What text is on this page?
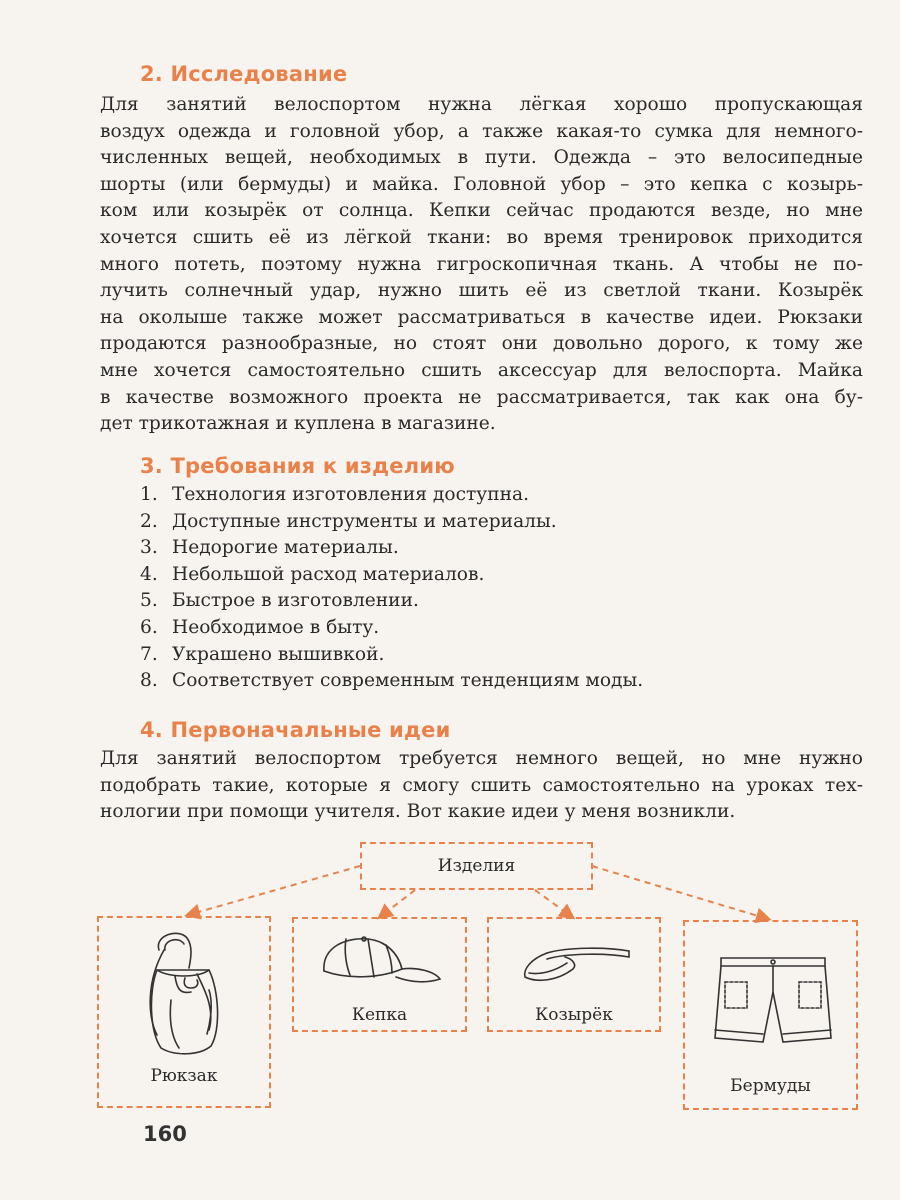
2. Исследование
Для занятий велоспортом нужна лёгкая хорошо пропускающая
воздух одежда и головной убор, а также какая-то сумка для немного-
численных вещей, необходимых в пути. Одежда – это велосипедные
шорты (или бермуды) и майка. Головной убор – это кепка с козырь-
ком или козырёк от солнца. Кепки сейчас продаются везде, но мне
хочется сшить её из лёгкой ткани: во время тренировок приходится
много потеть, поэтому нужна гигроскопичная ткань. А чтобы не по-
лучить солнечный удар, нужно шить её из светлой ткани. Козырёк
на околыше также может рассматриваться в качестве идеи. Рюкзаки
продаются разнообразные, но стоят они довольно дорого, к тому же
мне хочется самостоятельно сшить аксессуар для велоспорта. Майка
в качестве возможного проекта не рассматривается, так как она бу-
дет трикотажная и куплена в магазине.
3. Требования к изделию
1. Технология изготовления доступна.
2. Доступные инструменты и материалы.
3. Недорогие материалы.
4. Небольшой расход материалов.
5. Быстрое в изготовлении.
6. Необходимое в быту.
7. Украшено вышивкой.
8. Соответствует современным тенденциям моды.
4. Первоначальные идеи
Для занятий велоспортом требуется немного вещей, но мне нужно
подобрать такие, которые я смогу сшить самостоятельно на уроках тех-
нологии при помощи учителя. Вот какие идеи у меня возникли.
Изделия
Рюкзак
Кепка	Козырёк
Бермуды
160
